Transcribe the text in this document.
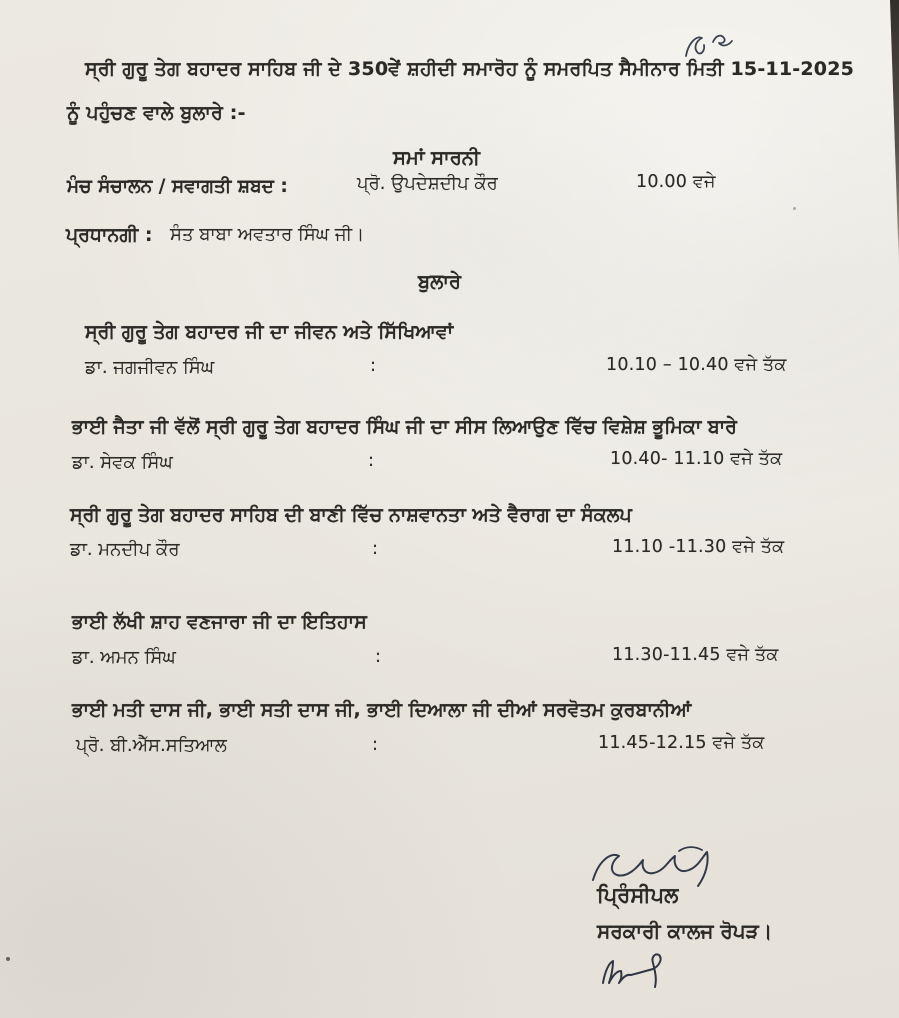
ਸ੍ਰੀ ਗੁਰੂ ਤੇਗ ਬਹਾਦਰ ਸਾਹਿਬ ਜੀ ਦੇ 350ਵੇਂ ਸ਼ਹੀਦੀ ਸਮਾਰੋਹ ਨੂੰ ਸਮਰਪਿਤ ਸੈਮੀਨਾਰ ਮਿਤੀ 15-11-2025
ਨੂੰ ਪਹੁੰਚਣ ਵਾਲੇ ਬੁਲਾਰੇ :-
ਸਮਾਂ ਸਾਰਨੀ
ਮੰਚ ਸੰਚਾਲਨ / ਸਵਾਗਤੀ ਸ਼ਬਦ :	ਪ੍ਰੋ. ਉਪਦੇਸ਼ਦੀਪ ਕੌਰ	10.00 ਵਜੇ
ਪ੍ਰਧਾਨਗੀ : ਸੰਤ ਬਾਬਾ ਅਵਤਾਰ ਸਿੰਘ ਜੀ।
ਬੁਲਾਰੇ
ਸ੍ਰੀ ਗੁਰੂ ਤੇਗ ਬਹਾਦਰ ਜੀ ਦਾ ਜੀਵਨ ਅਤੇ ਸਿੱਖਿਆਵਾਂ
ਡਾ. ਜਗਜੀਵਨ ਸਿੰਘ	:	10.10 – 10.40 ਵਜੇ ਤੱਕ
ਭਾਈ ਜੈਤਾ ਜੀ ਵੱਲੋਂ ਸ੍ਰੀ ਗੁਰੂ ਤੇਗ ਬਹਾਦਰ ਸਿੰਘ ਜੀ ਦਾ ਸੀਸ ਲਿਆਉਣ ਵਿੱਚ ਵਿਸ਼ੇਸ਼ ਭੂਮਿਕਾ ਬਾਰੇ
ਡਾ. ਸੇਵਕ ਸਿੰਘ	:	10.40- 11.10 ਵਜੇ ਤੱਕ
ਸ੍ਰੀ ਗੁਰੂ ਤੇਗ ਬਹਾਦਰ ਸਾਹਿਬ ਦੀ ਬਾਣੀ ਵਿੱਚ ਨਾਸ਼ਵਾਨਤਾ ਅਤੇ ਵੈਰਾਗ ਦਾ ਸੰਕਲਪ
ਡਾ. ਮਨਦੀਪ ਕੌਰ	:	11.10 -11.30 ਵਜੇ ਤੱਕ
ਭਾਈ ਲੱਖੀ ਸ਼ਾਹ ਵਣਜਾਰਾ ਜੀ ਦਾ ਇਤਿਹਾਸ
ਡਾ. ਅਮਨ ਸਿੰਘ	:	11.30-11.45 ਵਜੇ ਤੱਕ
ਭਾਈ ਮਤੀ ਦਾਸ ਜੀ, ਭਾਈ ਸਤੀ ਦਾਸ ਜੀ, ਭਾਈ ਦਿਆਲਾ ਜੀ ਦੀਆਂ ਸਰਵੋਤਮ ਕੁਰਬਾਨੀਆਂ
ਪ੍ਰੋ. ਬੀ.ਐੱਸ.ਸਤਿਆਲ	:	11.45-12.15 ਵਜੇ ਤੱਕ
ਪ੍ਰਿੰਸੀਪਲ
ਸਰਕਾਰੀ ਕਾਲਜ ਰੋਪੜ।
